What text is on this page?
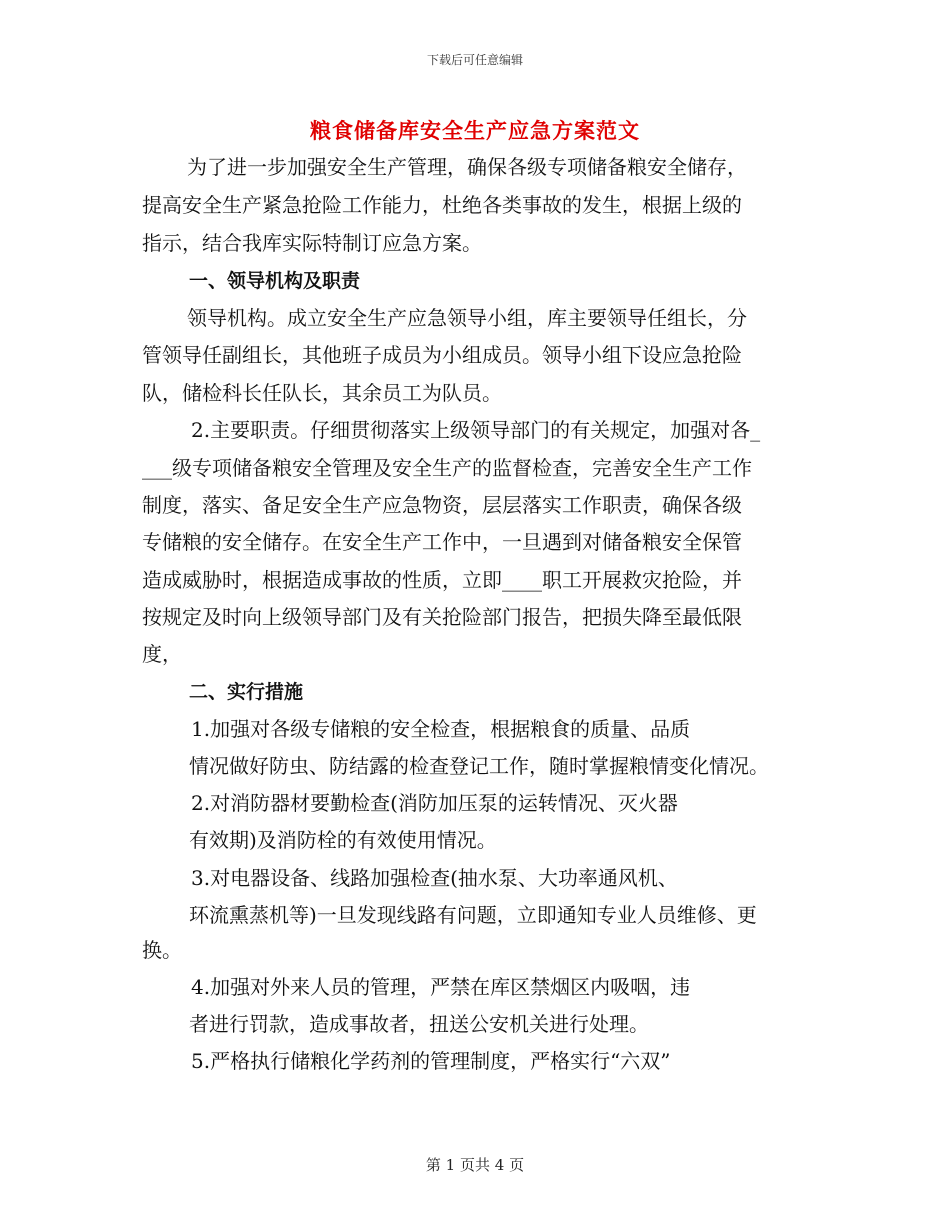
下载后可任意编辑
粮食储备库安全生产应急方案范文
为了进一步加强安全生产管理，确保各级专项储备粮安全储存，
提高安全生产紧急抢险工作能力，杜绝各类事故的发生，根据上级的
指示，结合我库实际特制订应急方案。
一、领导机构及职责
领导机构。成立安全生产应急领导小组，库主要领导任组长，分
管领导任副组长，其他班子成员为小组成员。领导小组下设应急抢险
队，储检科长任队长，其余员工为队员。
2.主要职责。仔细贯彻落实上级领导部门的有关规定，加强对各_
___级专项储备粮安全管理及安全生产的监督检查，完善安全生产工作
制度，落实、备足安全生产应急物资，层层落实工作职责，确保各级
专储粮的安全储存。在安全生产工作中，一旦遇到对储备粮安全保管
造成威胁时，根据造成事故的性质，立即____职工开展救灾抢险，并
按规定及时向上级领导部门及有关抢险部门报告，把损失降至最低限
度，
二、实行措施
1.加强对各级专储粮的安全检查，根据粮食的质量、品质
情况做好防虫、防结露的检查登记工作，随时掌握粮情变化情况。
2.对消防器材要勤检查(消防加压泵的运转情况、灭火器
有效期)及消防栓的有效使用情况。
3.对电器设备、线路加强检查(抽水泵、大功率通风机、
环流熏蒸机等)一旦发现线路有问题，立即通知专业人员维修、更
换。
4.加强对外来人员的管理，严禁在库区禁烟区内吸咽，违
者进行罚款，造成事故者，扭送公安机关进行处理。
5.严格执行储粮化学药剂的管理制度，严格实行“六双”
第 1 页共 4 页
